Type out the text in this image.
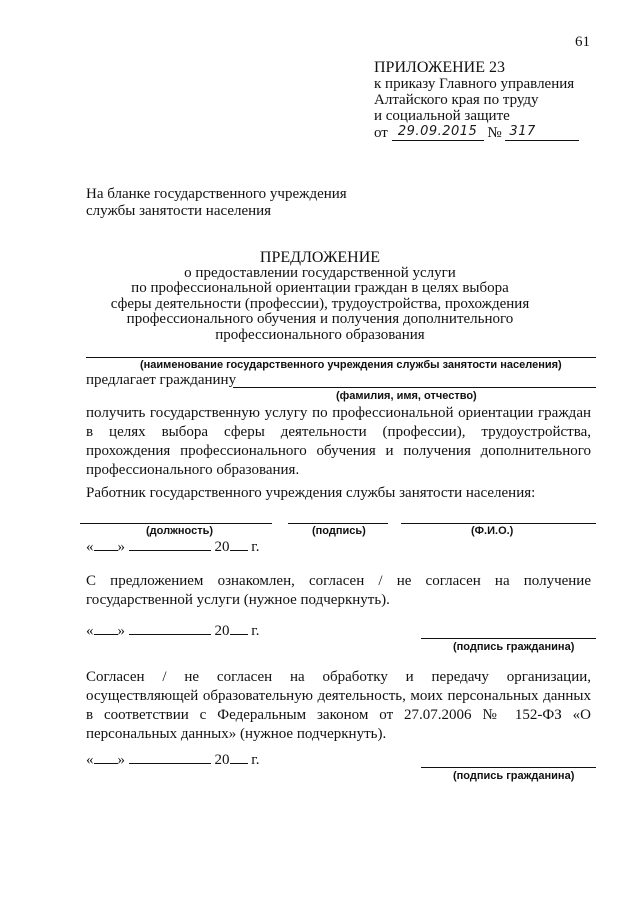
61
ПРИЛОЖЕНИЕ 23
к приказу Главного управления
Алтайского края по труду
и социальной защите
от
29.09.2015
№
317
На бланке государственного учреждения
службы занятости населения
ПРЕДЛОЖЕНИЕ
о предоставлении государственной услуги
по профессиональной ориентации граждан в целях выбора
сферы деятельности (профессии), трудоустройства, прохождения
профессионального обучения и получения дополнительного
профессионального образования
(наименование государственного учреждения службы занятости населения)
предлагает гражданину
(фамилия, имя, отчество)
получить государственную услугу по профессиональной ориентации граждан в целях выбора сферы деятельности (профессии), трудоустройства, прохождения профессионального обучения и получения дополнительного профессионального образования.
Работник государственного учреждения службы занятости населения:
(должность)	(подпись)	(Ф.И.О.)
« »	20 г.
С предложением ознакомлен, согласен / не согласен на получение государственной услуги (нужное подчеркнуть).
« »	20 г.
(подпись гражданина)
Согласен / не согласен на обработку и передачу организации, осуществляющей образовательную деятельность, моих персональных данных в соответствии с Федеральным законом от 27.07.2006 № 152-ФЗ «О персональных данных» (нужное подчеркнуть).
« »	20 г.
(подпись гражданина)
